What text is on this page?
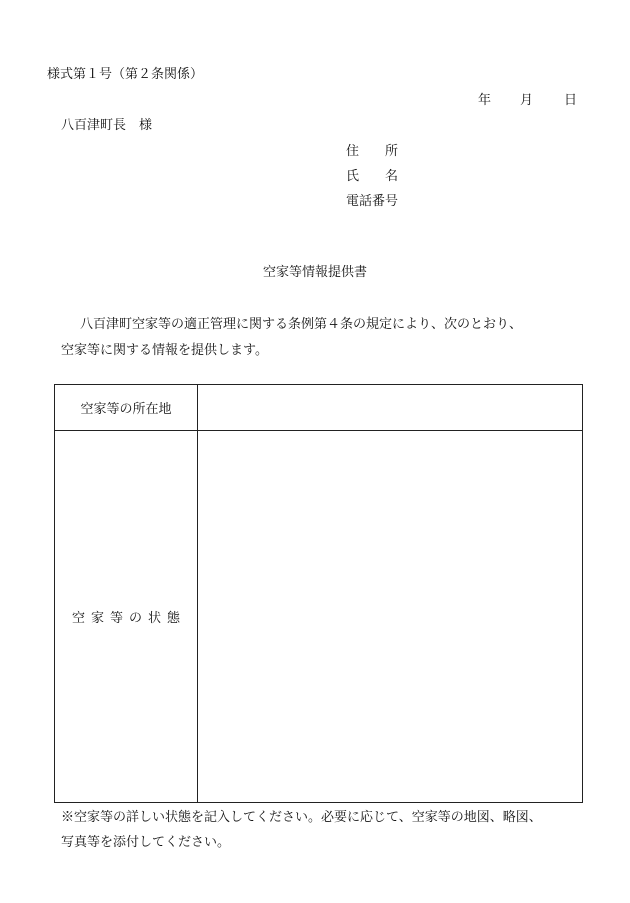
様式第１号（第２条関係）
年 月 日
八百津町長　様
住　　所
氏　　名
電話番号
空家等情報提供書
八百津町空家等の適正管理に関する条例第４条の規定により、次のとおり、
空家等に関する情報を提供します。
空家等の所在地
空家等の状態
※空家等の詳しい状態を記入してください。必要に応じて、空家等の地図、略図、
写真等を添付してください。
